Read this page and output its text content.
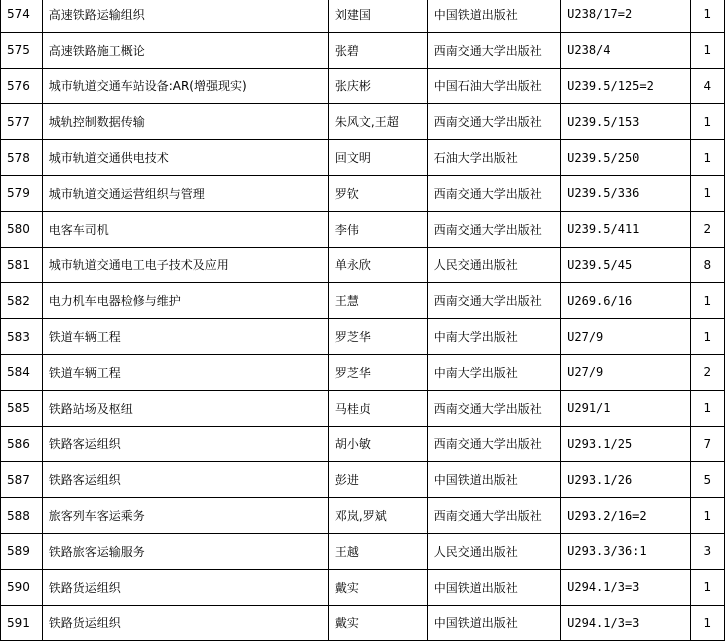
574	高速铁路运输组织	刘建国	中国铁道出版社	U238/17=2	1
575	高速铁路施工概论	张碧	西南交通大学出版社	U238/4	1
576	城市轨道交通车站设备:AR(增强现实)	张庆彬	中国石油大学出版社	U239.5/125=2	4
577	城轨控制数据传输	朱风文,王超	西南交通大学出版社	U239.5/153	1
578	城市轨道交通供电技术	回文明	石油大学出版社	U239.5/250	1
579	城市轨道交通运营组织与管理	罗钦	西南交通大学出版社	U239.5/336	1
580	电客车司机	李伟	西南交通大学出版社	U239.5/411	2
581	城市轨道交通电工电子技术及应用	单永欣	人民交通出版社	U239.5/45	8
582	电力机车电器检修与维护	王慧	西南交通大学出版社	U269.6/16	1
583	铁道车辆工程	罗芝华	中南大学出版社	U27/9	1
584	铁道车辆工程	罗芝华	中南大学出版社	U27/9	2
585	铁路站场及枢纽	马桂贞	西南交通大学出版社	U291/1	1
586	铁路客运组织	胡小敏	西南交通大学出版社	U293.1/25	7
587	铁路客运组织	彭进	中国铁道出版社	U293.1/26	5
588	旅客列车客运乘务	邓岚,罗斌	西南交通大学出版社	U293.2/16=2	1
589	铁路旅客运输服务	王越	人民交通出版社	U293.3/36:1	3
590	铁路货运组织	戴实	中国铁道出版社	U294.1/3=3	1
591	铁路货运组织	戴实	中国铁道出版社	U294.1/3=3	1
